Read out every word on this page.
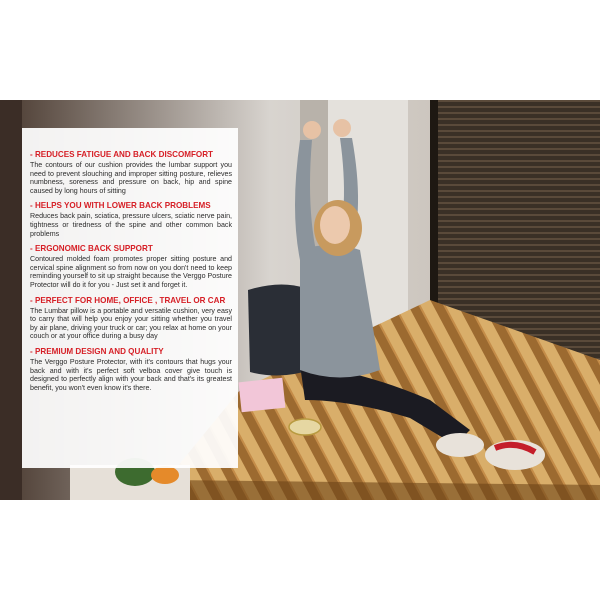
- REDUCES FATIGUE AND BACK DISCOMFORT
The contours of our cushion provides the lumbar support you need to prevent slouching and improper sitting posture, relieves numbness, soreness and pressure on back, hip and spine caused by long hours of sitting
- HELPS YOU WITH LOWER BACK PROBLEMS
Reduces back pain, sciatica, pressure ulcers, sciatic nerve pain, tightness or tiredness of the spine and other common back problems
- ERGONOMIC BACK SUPPORT
Contoured molded foam promotes proper sitting posture and cervical spine alignment so from now on you don't need to keep reminding yourself to sit up straight because the Verggo Posture Protector will do it for you - Just set it and forget it.
- PERFECT FOR HOME, OFFICE , TRAVEL OR CAR
The Lumbar pillow is a portable and versatile cushion, very easy to carry that will help you enjoy your sitting whether you travel by air plane, driving your truck or car; you relax at home on your couch or at your office during a busy day
- PREMIUM DESIGN AND QUALITY
The Verggo Posture Protector, with it's contours that hugs your back and with it's perfect soft velboa cover give touch is designed to perfectly align with your back and that's its greatest benefit, you won't even know it's there.
